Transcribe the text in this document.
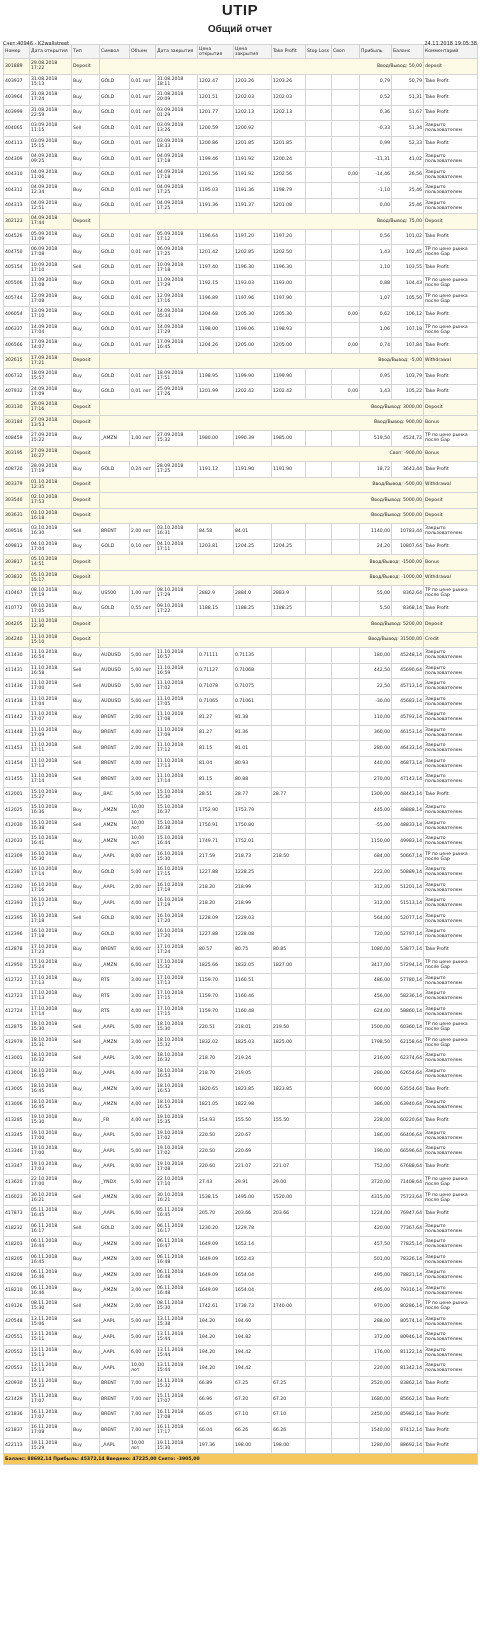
UTIP
Общий отчет
Счет:40946 - K2wallstreet	24.11.2018 19:05:38
Номер	Дата открытия	Тип	Символ	Объем	Дата закрытия	Цена открытия	Цена закрытия	Take Profit	Stop Loss	Своп	Прибыль	Баланс	Комментарий
301889	29.08.2018 17:22	Deposit	Ввод/Вывод: 50,00										deposit
403937	31.08.2018 15:13	Buy	GOLD	0,01 лот	31.08.2018 18:11	1202.47	1203.26	1203.26			0,79	50,79	Take Profit
403964	31.08.2018 17:24	Buy	GOLD	0,01 лот	31.08.2018 20:09	1201.51	1202.03	1202.03			0,52	51,31	Take Profit
403999	31.08.2018 22:59	Buy	GOLD	0,01 лот	03.09.2018 01:29	1201.77	1202.13	1202.13			0,36	51,67	Take Profit
404065	03.09.2018 11:15	Sell	GOLD	0,01 лот	03.09.2018 13:26	1200.59	1200.92				-0,33	51,34	Закрыто пользователем
404113	03.09.2018 15:15	Buy	GOLD	0,01 лот	03.09.2018 18:33	1200.86	1201.85	1201.85			0,99	52,33	Take Profit
404309	04.09.2018 09:25	Buy	GOLD	0,01 лот	04.09.2018 17:18	1199.46	1191.92	1200.24			-11,31	41,02	Закрыто пользователем
404310	04.09.2018 11:06	Buy	GOLD	0,01 лот	04.09.2018 17:18	1201.56	1191.92	1202.56		0,00	-14,46	26,56	Закрыто пользователем
404312	04.09.2018 12:34	Buy	GOLD	0,01 лот	04.09.2018 17:25	1195.03	1191.36	1198.79			-1,10	25,46	Закрыто пользователем
404313	04.09.2018 12:51	Buy	GOLD	0,01 лот	04.09.2018 17:25	1191.36	1191.37	1201.08			0,00	25,46	Закрыто пользователем
302123	04.09.2018 17:44	Deposit	Ввод/Вывод: 75,00										Deposit
404526	05.09.2018 11:09	Buy	GOLD	0,01 лот	05.09.2018 17:12	1196.64	1197.20	1197.20			0,56	101,02	Take Profit
404750	06.09.2018 17:08	Buy	GOLD	0,01 лот	06.09.2018 17:25	1201.42	1202.85	1202.50			1,43	102,45	TP по цене рынка после Gap
405154	10.09.2018 17:10	Sell	GOLD	0,01 лот	10.09.2018 17:18	1197.40	1196.30	1196.30			1,10	103,55	Take Profit
405506	11.09.2018 17:08	Buy	GOLD	0,01 лот	11.09.2018 17:29	1192.15	1193.03	1193.00			0,88	104,43	TP по цене рынка после Gap
405744	12.09.2018 17:08	Buy	GOLD	0,01 лот	12.09.2018 17:16	1196.89	1197.96	1197.90			1,07	105,50	TP по цене рынка после Gap
406054	13.09.2018 17:10	Buy	GOLD	0,01 лот	14.09.2018 05:34	1204.68	1205.30	1205.30		0,00	0,62	106,12	Take Profit
406337	14.09.2018 17:04	Buy	GOLD	0,01 лот	14.09.2018 17:29	1198.00	1199.06	1198.93			1,06	107,18	TP по цене рынка после Gap
406566	17.09.2018 14:07	Buy	GOLD	0,01 лот	17.09.2018 16:45	1204.26	1205.00	1205.00		0,00	0,74	107,84	Take Profit
302615	17.09.2018 17:21	Deposit	Ввод/Вывод: -5,00										Withdrawal
406732	18.09.2018 15:57	Buy	GOLD	0,01 лот	18.09.2018 17:51	1198.95	1199.90	1199.90			0,95	103,79	Take Profit
407932	24.09.2018 17:09	Buy	GOLD	0,01 лот	25.09.2018 17:26	1201.99	1202.42	1202.42		0,00	1,43	105,22	Take Profit
303130	26.09.2018 17:16	Deposit	Ввод/Вывод: 3000,00										Deposit
303184	27.09.2018 13:53	Deposit	Ввод/Вывод: 900,00										Bonus
408459	27.09.2018 15:22	Buy	_AMZN	1,00 лот	27.09.2018 15:32	1980.00	1990.39	1985.00			519,50	4524,72	TP по цене рынка после Gap
303195	27.09.2018 16:27	Deposit	Своп: -900,00										Bonus
408720	28.09.2018 17:19	Buy	GOLD	0,24 лот	28.09.2018 17:25	1191.12	1191.90	1191.90			18,72	3643,44	Take Profit
303379	01.10.2018 12:35	Deposit	Ввод/Вывод: -500,00										Withdrawal
303540	02.10.2018 17:53	Deposit	Ввод/Вывод: 5000,00										Deposit
303631	03.10.2018 16:18	Deposit	Ввод/Вывод: 5000,00										Deposit
409516	03.10.2018 16:30	Sell	BRENT	2,00 лот	03.10.2018 16:31	84.58	84.01				1140,00	10783,44	Закрыто пользователем
409813	04.10.2018 17:04	Buy	GOLD	0,10 лот	04.10.2018 17:11	1203.81	1204.25	1204.25			24,20	10807,64	Take Profit
303817	05.10.2018 14:51	Deposit	Ввод/Вывод: -1500,00										Bonus
303832	05.10.2018 15:17	Deposit	Ввод/Вывод: -1000,00										Withdrawal
410467	08.10.2018 17:19	Buy	US500	1,00 лот	08.10.2018 17:29	2882.9	2884.0	2883.9			55,00	8362,64	TP по цене рынка после Gap
410772	09.10.2018 17:05	Buy	GOLD	0,55 лот	09.10.2018 17:22	1188.15	1188.25	1188.25			5,50	8368,14	Take Profit
304205	11.10.2018 12:30	Deposit	Ввод/Вывод: 5200,00										Deposit
304240	11.10.2018 15:10	Deposit	Ввод/Вывод: 31500,00										Credit
411430	11.10.2018 16:54	Buy	AUDUSD	5,00 лот	11.10.2018 16:57	0.71111	0.71135				180,00	45248,14	Закрыто пользователем
411431	11.10.2018 16:58	Sell	AUDUSD	5,00 лот	11.10.2018 16:59	0.71127	0.71068				442,50	45690,64	Закрыто пользователем
411436	11.10.2018 17:00	Sell	AUDUSD	5,00 лот	11.10.2018 17:02	0.71078	0.71075				22,50	45713,14	Закрыто пользователем
411438	11.10.2018 17:04	Buy	AUDUSD	5,00 лот	11.10.2018 17:05	0.71065	0.71061				-30,00	45683,14	Закрыто пользователем
411442	11.10.2018 17:07	Buy	BRENT	2,00 лот	11.10.2018 17:08	81.27	81.38				110,00	45793,14	Закрыто пользователем
411448	11.10.2018 17:09	Buy	BRENT	4,00 лот	11.10.2018 17:09	81.27	81.36				360,00	46153,14	Закрыто пользователем
411453	11.10.2018 17:11	Sell	BRENT	2,00 лот	11.10.2018 17:12	81.15	81.01				280,00	46433,14	Закрыто пользователем
411454	11.10.2018 17:13	Sell	BRENT	4,00 лот	11.10.2018 17:13	81.04	80.93				440,00	46873,14	Закрыто пользователем
411455	11.10.2018 17:14	Sell	BRENT	3,00 лот	11.10.2018 17:14	81.15	80.88				270,00	47143,14	Закрыто пользователем
412001	15.10.2018 15:27	Buy	_BAC	5,00 лот	15.10.2018 15:30	28.51	28.77	28.77			1300,00	48443,14	Take Profit
412025	15.10.2018 16:36	Buy	_AMZN	10,00 лот	15.10.2018 16:37	1752.90	1753.79				445,00	48888,14	Закрыто пользователем
412030	15.10.2018 16:38	Sell	_AMZN	10,00 лот	15.10.2018 16:38	1750.91	1750.80				-55,00	48833,14	Закрыто пользователем
412033	15.10.2018 16:41	Buy	_AMZN	10,00 лот	15.10.2018 16:44	1749.71	1752.01				1150,00	49983,14	Закрыто пользователем
412309	16.10.2018 15:30	Buy	_AAPL	8,00 лот	16.10.2018 15:30	217.59	218.73	218.50			684,00	50667,14	TP по цене рынка после Gap
412387	16.10.2018 17:14	Buy	GOLD	5,00 лот	16.10.2018 17:15	1227.88	1228.25				222,00	50889,14	Закрыто пользователем
412392	16.10.2018 17:16	Buy	_AAPL	2,00 лот	16.10.2018 17:19	218.20	218.99				312,00	51201,14	Закрыто пользователем
412393	16.10.2018 17:17	Buy	_AAPL	4,00 лот	16.10.2018 17:19	218.20	218.99				312,00	51513,14	Закрыто пользователем
412395	16.10.2018 17:18	Sell	GOLD	8,00 лот	16.10.2018 17:20	1228.09	1229.03				564,00	52077,14	Закрыто пользователем
412396	16.10.2018 17:18	Buy	GOLD	8,00 лот	16.10.2018 17:20	1227.88	1228.08				720,00	52797,14	Закрыто пользователем
412878	17.10.2018 17:23	Buy	BRENT	8,00 лот	17.10.2018 17:24	80.57	80.75	80.85			1080,00	53877,14	Take Profit
412950	17.10.2018 15:24	Buy	_AMZN	6,00 лот	17.10.2018 15:32	1825.66	1832.05	1827.00			3417,00	57294,14	TP по цене рынка после Gap
412722	17.10.2018 17:13	Buy	RTS	3,00 лот	17.10.2018 17:13	1159.70	1160.51				486,00	57780,14	Закрыто пользователем
412723	17.10.2018 17:13	Buy	RTS	3,00 лот	17.10.2018 17:15	1159.70	1160.46				456,00	58236,14	Закрыто пользователем
412724	17.10.2018 17:14	Buy	RTS	4,00 лот	17.10.2018 17:15	1159.70	1160.48				624,00	58860,14	Закрыто пользователем
412875	18.10.2018 15:30	Sell	_AAPL	5,00 лот	18.10.2018 15:30	220.51	218.01	219.50			1500,00	60360,14	TP по цене рынка после Gap
412979	18.10.2018 15:31	Sell	_AMZN	3,00 лот	18.10.2018 15:32	1832.02	1825.03	1825.00			1798,50	62158,64	TP по цене рынка после Gap
413001	18.10.2018 16:32	Sell	_AAPL	3,00 лот	18.10.2018 16:32	218.70	219.24				216,00	62374,64	Закрыто пользователем
413004	18.10.2018 16:45	Buy	_AAPL	4,00 лот	18.10.2018 16:53	218.70	219.05				280,00	62654,64	Закрыто пользователем
413005	18.10.2018 16:45	Buy	_AMZN	3,00 лот	18.10.2018 16:53	1820.65	1823.85	1823.85			900,00	63554,64	Take Profit
413006	18.10.2018 16:45	Buy	_AMZN	4,00 лот	18.10.2018 16:53	1821.05	1822.98				386,00	63940,64	Закрыто пользователем
413285	19.10.2018 15:30	Buy	_FB	4,00 лот	19.10.2018 15:35	154.93	155.50	155.50			228,00	60220,64	Take Profit
413345	19.10.2018 17:00	Buy	_AAPL	5,00 лот	19.10.2018 17:02	220.50	220.67				186,00	66406,64	Закрыто пользователем
413346	19.10.2018 17:00	Buy	_AAPL	5,00 лот	19.10.2018 17:02	220.50	220.69				190,00	66596,64	Закрыто пользователем
413347	19.10.2018 17:03	Buy	_AAPL	8,00 лот	19.10.2018 17:08	220.60	221.07	221.07			752,00	67688,64	Take Profit
413620	22.10.2018 17:00	Buy	_YNDX	5,00 лот	22.10.2018 17:10	27.43	29.91	29.00			3720,00	71408,64	TP по цене рынка после Gap
416023	30.10.2018 16:21	Sell	_AMZN	3,00 лот	30.10.2018 16:21	1538.15	1495.00	1520.00			4315,00	75723,64	TP по цене рынка после Gap
417873	05.11.2018 16:45	Buy	_AAPL	6,00 лот	05.11.2018 16:45	205.70	203.66	203.66			1224,00	76947,64	Take Profit
418232	06.11.2018 16:17	Sell	GOLD	3,00 лот	06.11.2018 16:17	1230.20	1229.78				420,00	77367,64	Закрыто пользователем
418203	06.11.2018 16:44	Buy	_AMZN	3,00 лот	06.11.2018 16:47	1649.09	1652.14				457,50	77825,14	Закрыто пользователем
418205	06.11.2018 16:45	Buy	_AMZN	3,00 лот	06.11.2018 16:48	1649.09	1652.43				501,00	78326,14	Закрыто пользователем
418208	06.11.2018 16:46	Buy	_AMZN	3,00 лот	06.11.2018 16:48	1649.09	1654.04				495,00	78821,14	Закрыто пользователем
418210	06.11.2018 16:46	Buy	_AMZN	3,00 лот	06.11.2018 16:48	1649.09	1654.04				495,00	79316,14	Закрыто пользователем
419126	08.11.2018 15:30	Sell	_AMZN	2,00 лот	08.11.2018 15:30	1742.61	1738.73	1740.00			970,00	80286,14	TP по цене рынка после Gap
420548	13.11.2018 15:06	Sell	_AAPL	5,00 лот	13.11.2018 15:38	194.20	194.60				288,00	80574,14	Закрыто пользователем
420551	13.11.2018 15:11	Buy	_AAPL	5,00 лот	13.11.2018 15:44	194.20	194.82				372,00	80946,14	Закрыто пользователем
420552	13.11.2018 15:13	Buy	_AAPL	6,00 лот	13.11.2018 15:44	194.20	194.42				176,00	81122,14	Закрыто пользователем
420553	13.11.2018 15:13	Buy	_AAPL	10,00 лот	13.11.2018 15:44	194.20	194.42				220,00	81342,14	Закрыто пользователем
420930	14.11.2018 15:23	Buy	BRENT	7,00 лот	14.11.2018 15:32	66.89	67.25	67.25			2520,00	83862,14	Take Profit
421429	15.11.2018 17:07	Buy	BRENT	7,00 лот	15.11.2018 17:07	66.96	67.20	67.20			1680,00	85662,14	Take Profit
421836	16.11.2018 17:07	Buy	BRENT	7,00 лот	16.11.2018 17:08	66.05	67.10	67.10			2450,00	85982,14	Take Profit
421837	16.11.2018 17:08	Buy	BRENT	7,00 лот	16.11.2018 17:17	66.04	66.26	66.26			1540,00	87412,14	Take Profit
422113	19.11.2018 15:29	Buy	_AAPL	10,00 лот	19.11.2018 15:30	197.36	198.00	198.00			1280,00	88692,14	Take Profit
Баланс: 88692,14 Прибыль: 45372,14 Введено: 47225,00 Снято: -3905,00													
